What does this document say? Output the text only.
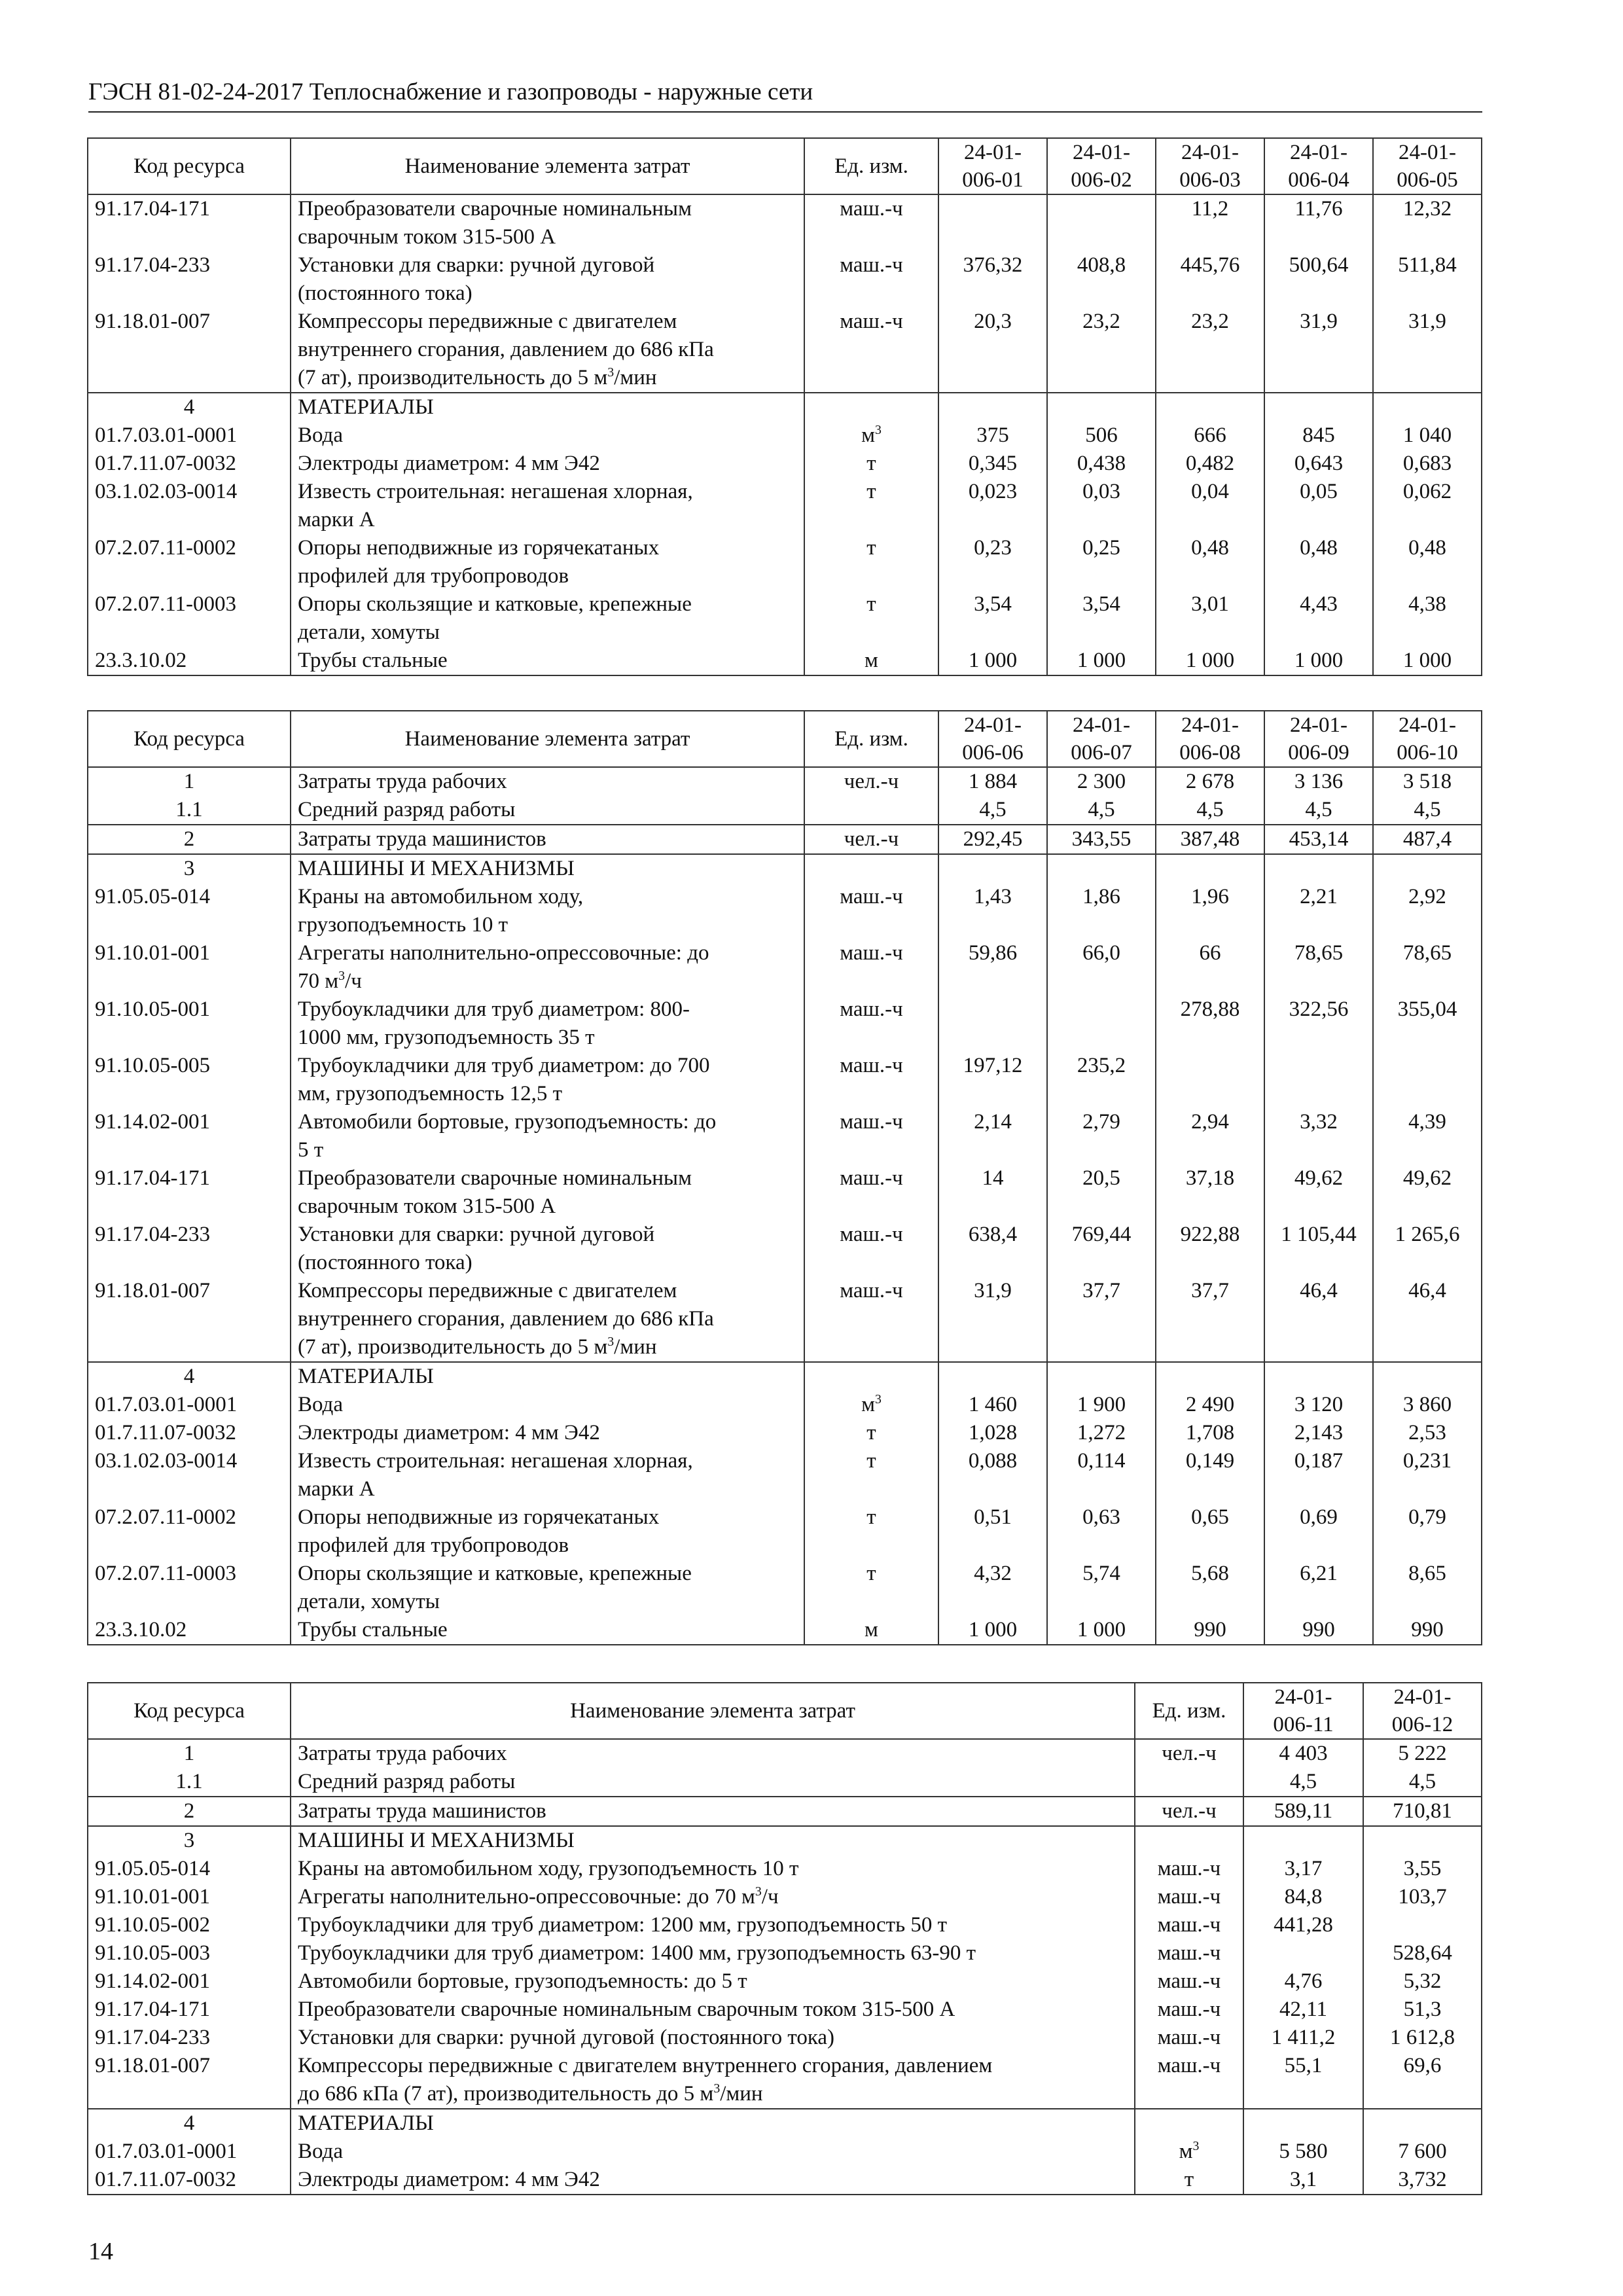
ГЭСН 81-02-24-2017 Теплоснабжение и газопроводы - наружные сети
Код ресурса	Наименование элемента затрат	Ед. изм.	24-01-
006-01	24-01-
006-02	24-01-
006-03	24-01-
006-04	24-01-
006-05
91.17.04-171	Преобразователи сварочные номинальным
сварочным током 315-500 А	маш.-ч			11,2	11,76	12,32
91.17.04-233	Установки для сварки: ручной дуговой
(постоянного тока)	маш.-ч	376,32	408,8	445,76	500,64	511,84
91.18.01-007	Компрессоры передвижные с двигателем
внутреннего сгорания, давлением до 686 кПа
(7 ат), производительность до 5 $м^3$/мин	маш.-ч	20,3	23,2	23,2	31,9	31,9
4	МАТЕРИАЛЫ						
01.7.03.01-0001	Вода	$м^3$	375	506	666	845	1 040
01.7.11.07-0032	Электроды диаметром: 4 мм Э42	т	0,345	0,438	0,482	0,643	0,683
03.1.02.03-0014	Известь строительная: негашеная хлорная,
марки А	т	0,023	0,03	0,04	0,05	0,062
07.2.07.11-0002	Опоры неподвижные из горячекатаных
профилей для трубопроводов	т	0,23	0,25	0,48	0,48	0,48
07.2.07.11-0003	Опоры скользящие и катковые, крепежные
детали, хомуты	т	3,54	3,54	3,01	4,43	4,38
23.3.10.02	Трубы стальные	м	1 000	1 000	1 000	1 000	1 000
Код ресурса	Наименование элемента затрат	Ед. изм.	24-01-
006-06	24-01-
006-07	24-01-
006-08	24-01-
006-09	24-01-
006-10
1	Затраты труда рабочих	чел.-ч	1 884	2 300	2 678	3 136	3 518
1.1	Средний разряд работы		4,5	4,5	4,5	4,5	4,5
2	Затраты труда машинистов	чел.-ч	292,45	343,55	387,48	453,14	487,4
3	МАШИНЫ И МЕХАНИЗМЫ						
91.05.05-014	Краны на автомобильном ходу,
грузоподъемность 10 т	маш.-ч	1,43	1,86	1,96	2,21	2,92
91.10.01-001	Агрегаты наполнительно-опрессовочные: до
70 $м^3/ч$	маш.-ч	59,86	66,0	66	78,65	78,65
91.10.05-001	Трубоукладчики для труб диаметром: 800-
1000 мм, грузоподъемность 35 т	маш.-ч			278,88	322,56	355,04
91.10.05-005	Трубоукладчики для труб диаметром: до 700
мм, грузоподъемность 12,5 т	маш.-ч	197,12	235,2			
91.14.02-001	Автомобили бортовые, грузоподъемность: до
5 т	маш.-ч	2,14	2,79	2,94	3,32	4,39
91.17.04-171	Преобразователи сварочные номинальным
сварочным током 315-500 А	маш.-ч	14	20,5	37,18	49,62	49,62
91.17.04-233	Установки для сварки: ручной дуговой
(постоянного тока)	маш.-ч	638,4	769,44	922,88	1 105,44	1 265,6
91.18.01-007	Компрессоры передвижные с двигателем
внутреннего сгорания, давлением до 686 кПа
(7 ат), производительность до 5 $м^3$/мин	маш.-ч	31,9	37,7	37,7	46,4	46,4
4	МАТЕРИАЛЫ						
01.7.03.01-0001	Вода	$м^3$	1 460	1 900	2 490	3 120	3 860
01.7.11.07-0032	Электроды диаметром: 4 мм Э42	т	1,028	1,272	1,708	2,143	2,53
03.1.02.03-0014	Известь строительная: негашеная хлорная,
марки А	т	0,088	0,114	0,149	0,187	0,231
07.2.07.11-0002	Опоры неподвижные из горячекатаных
профилей для трубопроводов	т	0,51	0,63	0,65	0,69	0,79
07.2.07.11-0003	Опоры скользящие и катковые, крепежные
детали, хомуты	т	4,32	5,74	5,68	6,21	8,65
23.3.10.02	Трубы стальные	м	1 000	1 000	990	990	990
Код ресурса	Наименование элемента затрат	Ед. изм.	24-01-
006-11	24-01-
006-12
1	Затраты труда рабочих	чел.-ч	4 403	5 222
1.1	Средний разряд работы		4,5	4,5
2	Затраты труда машинистов	чел.-ч	589,11	710,81
3	МАШИНЫ И МЕХАНИЗМЫ			
91.05.05-014	Краны на автомобильном ходу, грузоподъемность 10 т	маш.-ч	3,17	3,55
91.10.01-001	Агрегаты наполнительно-опрессовочные: до 70 $м^3/ч$	маш.-ч	84,8	103,7
91.10.05-002	Трубоукладчики для труб диаметром: 1200 мм, грузоподъемность 50 т	маш.-ч	441,28	
91.10.05-003	Трубоукладчики для труб диаметром: 1400 мм, грузоподъемность 63-90 т	маш.-ч		528,64
91.14.02-001	Автомобили бортовые, грузоподъемность: до 5 т	маш.-ч	4,76	5,32
91.17.04-171	Преобразователи сварочные номинальным сварочным током 315-500 А	маш.-ч	42,11	51,3
91.17.04-233	Установки для сварки: ручной дуговой (постоянного тока)	маш.-ч	1 411,2	1 612,8
91.18.01-007	Компрессоры передвижные с двигателем внутреннего сгорания, давлением
до 686 кПа (7 ат), производительность до 5 $м^3$/мин	маш.-ч	55,1	69,6
4	МАТЕРИАЛЫ			
01.7.03.01-0001	Вода	$м^3$	5 580	7 600
01.7.11.07-0032	Электроды диаметром: 4 мм Э42	т	3,1	3,732
14
